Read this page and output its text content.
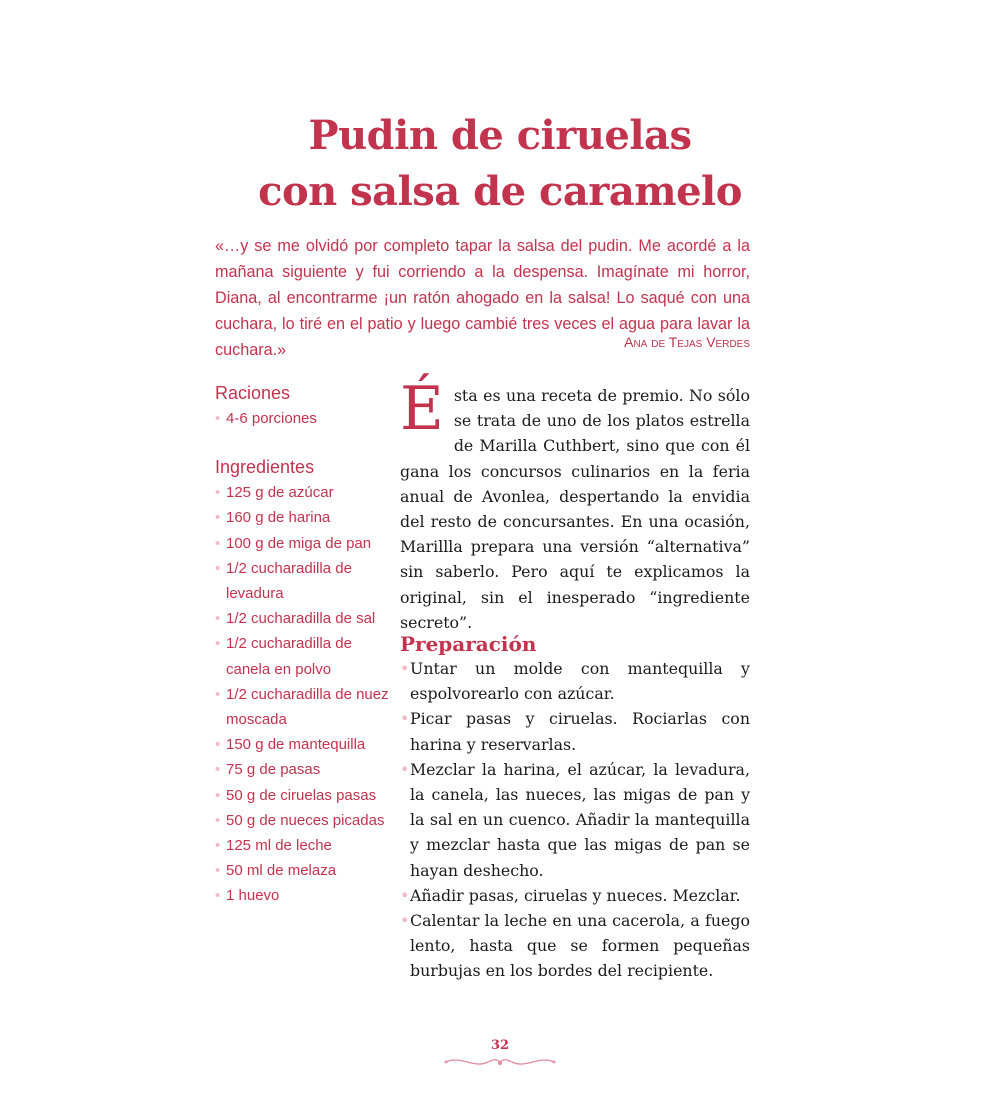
Pudin de ciruelas
con salsa de caramelo
«…y se me olvidó por completo tapar la salsa del pudin. Me acordé a la mañana siguiente y fui corriendo a la despensa. Imagínate mi horror, Diana, al encontrarme ¡un ratón ahogado en la salsa! Lo saqué con una cuchara, lo tiré en el patio y luego cambié tres veces el agua para lavar la cuchara.»	Ana de Tejas Verdes
Raciones
• 4-6 porciones
Ingredientes
• 125 g de azúcar
• 160 g de harina
• 100 g de miga de pan
• 1/2 cucharadilla de levadura
• 1/2 cucharadilla de sal
• 1/2 cucharadilla de canela en polvo
• 1/2 cucharadilla de nuez moscada
• 150 g de mantequilla
• 75 g de pasas
• 50 g de ciruelas pasas
• 50 g de nueces picadas
• 125 ml de leche
• 50 ml de melaza
• 1 huevo
Ésta es una receta de premio. No sólo se trata de uno de los platos estrella de Marilla Cuthbert, sino que con él gana los concursos culinarios en la feria anual de Avonlea, despertando la envidia del resto de concursantes. En una ocasión, Marillla prepara una versión “alternativa” sin saberlo. Pero aquí te explicamos la original, sin el inesperado “ingrediente secreto”.
Preparación
• Untar un molde con mantequilla y espolvorearlo con azúcar.
• Picar pasas y ciruelas. Rociarlas con harina y reservarlas.
• Mezclar la harina, el azúcar, la levadura, la canela, las nueces, las migas de pan y la sal en un cuenco. Añadir la mantequilla y mezclar hasta que las migas de pan se hayan deshecho.
• Añadir pasas, ciruelas y nueces. Mezclar.
• Calentar la leche en una cacerola, a fuego lento, hasta que se formen pequeñas burbujas en los bordes del recipiente.
32
